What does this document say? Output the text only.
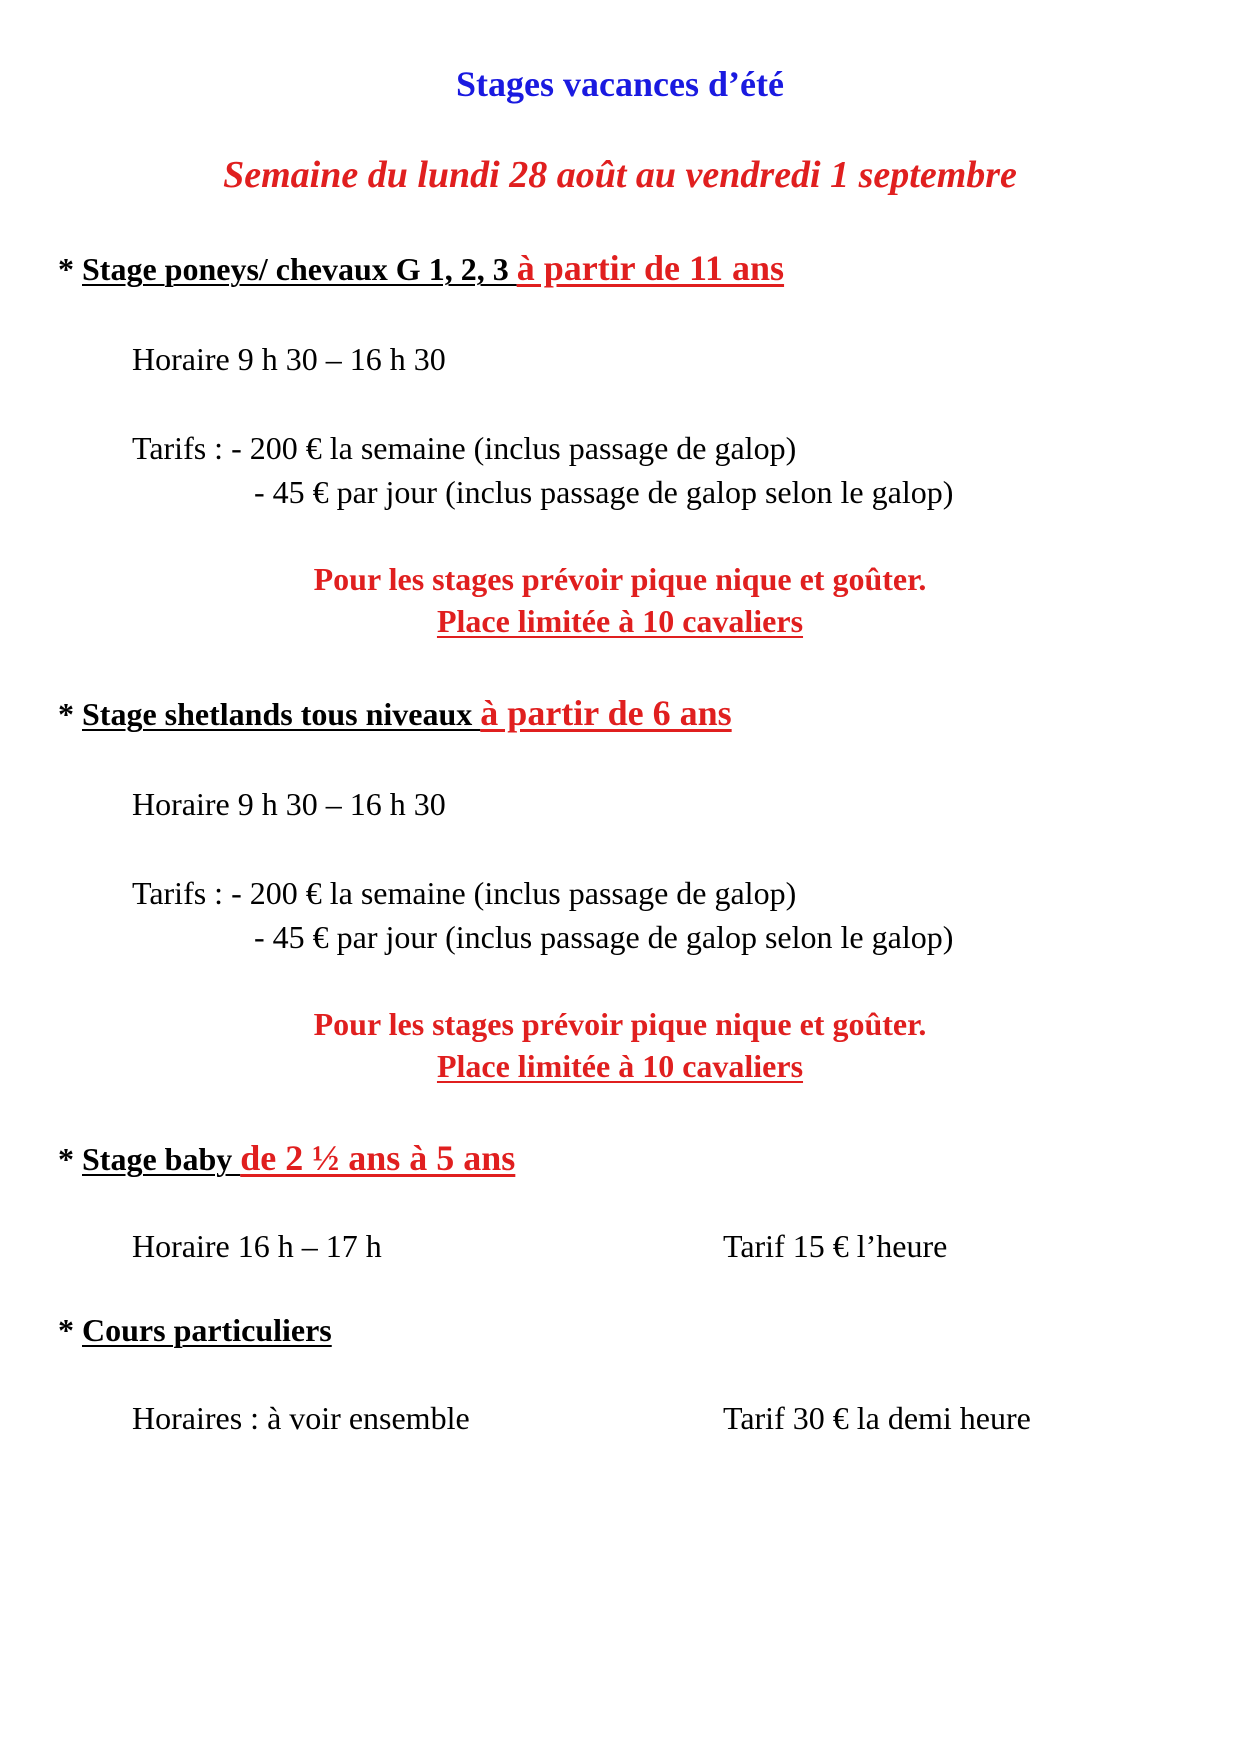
Stages vacances d’été
Semaine du lundi 28 août au vendredi 1 septembre
* Stage poneys/ chevaux G 1, 2, 3 à partir de 11 ans
Horaire 9 h 30 – 16 h 30
Tarifs : - 200 € la semaine (inclus passage de galop)
- 45 € par jour (inclus passage de galop selon le galop)
Pour les stages prévoir pique nique et goûter.
Place limitée à 10 cavaliers
* Stage shetlands tous niveaux à partir de 6 ans
Horaire 9 h 30 – 16 h 30
Tarifs : - 200 € la semaine (inclus passage de galop)
- 45 € par jour (inclus passage de galop selon le galop)
Pour les stages prévoir pique nique et goûter.
Place limitée à 10 cavaliers
* Stage baby de 2 ½ ans à 5 ans
Horaire 16 h – 17 h	Tarif 15 € l’heure
* Cours particuliers
Horaires : à voir ensemble	Tarif 30 € la demi heure
